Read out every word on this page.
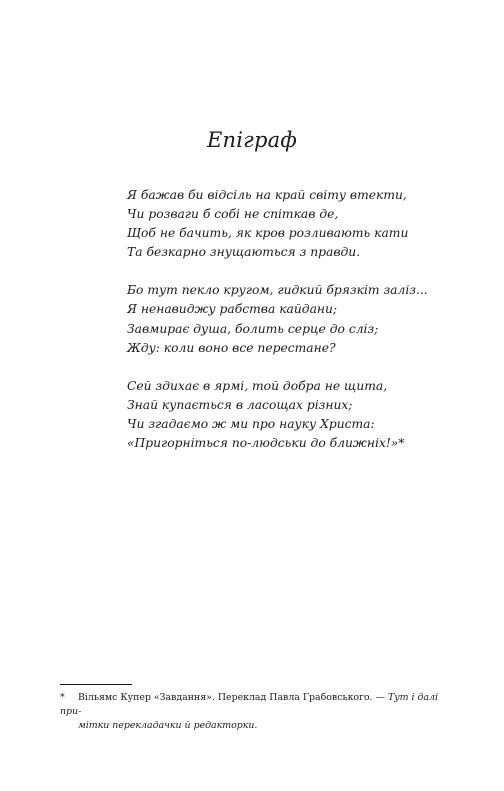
Епіграф
Я бажав би відсіль на край світу втекти,
Чи розваги б собі не спіткав де,
Щоб не бачить, як кров розливають кати
Та безкарно знущаються з правди.
Бо тут пекло кругом, гидкий брязкіт заліз...
Я ненавиджу рабства кайдани;
Завмирає душа, болить серце до сліз;
Жду: коли воно все перестане?
Сей здихає в ярмі, той добра не щита,
Знай купається в ласощах різних;
Чи згадаємо ж ми про науку Христа:
«Пригорніться по-людськи до ближніх!»*
* Вільямс Купер «Завдання». Переклад Павла Грабовського. — Тут і далі при-
мітки перекладачки й редакторки.
